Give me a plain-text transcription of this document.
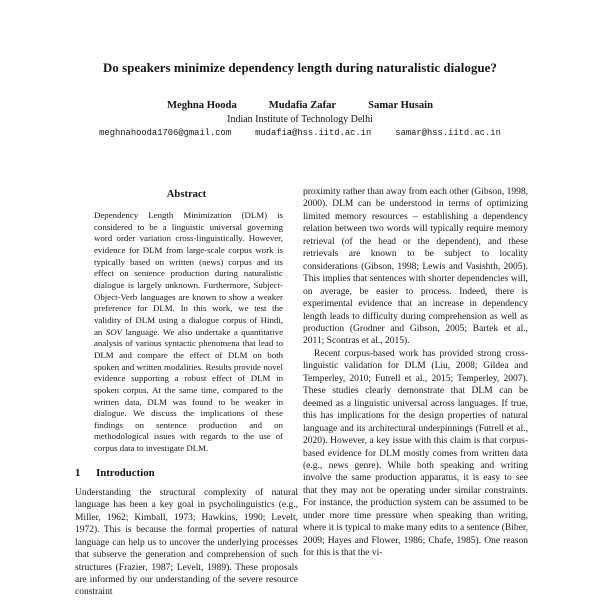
Do speakers minimize dependency length during naturalistic dialogue?
Meghna Hooda	Mudafia Zafar	Samar Husain
Indian Institute of Technology Delhi
meghnahooda1706@gmail.com	mudafia@hss.iitd.ac.in	samar@hss.iitd.ac.in
Abstract

Dependency Length Minimization (DLM) is considered to be a linguistic universal governing word order variation cross-linguistically. However, evidence for DLM from large-scale corpus work is typically based on written (news) corpus and its effect on sentence production during naturalistic dialogue is largely unknown. Furthermore, Subject-Object-Verb languages are known to show a weaker preference for DLM. In this work, we test the validity of DLM using a dialogue corpus of Hindi, an SOV language. We also undertake a quantitative analysis of various syntactic phenomena that lead to DLM and compare the effect of DLM on both spoken and written modalities. Results provide novel evidence supporting a robust effect of DLM in spoken corpus. At the same time, compared to the written data, DLM was found to be weaker in dialogue. We discuss the implications of these findings on sentence production and on methodological issues with regards to the use of corpus data to investigate DLM.

1 Introduction

Understanding the structural complexity of natural language has been a key goal in psycholinguistics (e.g., Miller, 1962; Kimball, 1973; Hawkins, 1990; Levelt, 1972). This is because the formal properties of natural language can help us to uncover the underlying processes that subserve the generation and comprehension of such structures (Frazier, 1987; Levelt, 1989). These proposals are informed by our understanding of the severe resource constraint

proximity rather than away from each other (Gibson, 1998, 2000). DLM can be understood in terms of optimizing limited memory resources – establishing a dependency relation between two words will typically require memory retrieval (of the head or the dependent), and these retrievals are known to be subject to locality considerations (Gibson, 1998; Lewis and Vasishth, 2005). This implies that sentences with shorter dependencies will, on average, be easier to process. Indeed, there is experimental evidence that an increase in dependency length leads to difficulty during comprehension as well as production (Grodner and Gibson, 2005; Bartek et al., 2011; Scontras et al., 2015).

Recent corpus-based work has provided strong cross-linguistic validation for DLM (Liu, 2008; Gildea and Temperley, 2010; Futrell et al., 2015; Temperley, 2007). These studies clearly demonstrate that DLM can be deemed as a linguistic universal across languages. If true, this has implications for the design properties of natural language and its architectural underpinnings (Futrell et al., 2020). However, a key issue with this claim is that corpus-based evidence for DLM mostly comes from written data (e.g., news genre). While both speaking and writing involve the same production apparatus, it is easy to see that they may not be operating under similar constraints. For instance, the production system can be assumed to be under more time pressure when speaking than writing, where it is typical to make many edits to a sentence (Biber, 2009; Hayes and Flower, 1986; Chafe, 1985). One reason for this is that the vi-
